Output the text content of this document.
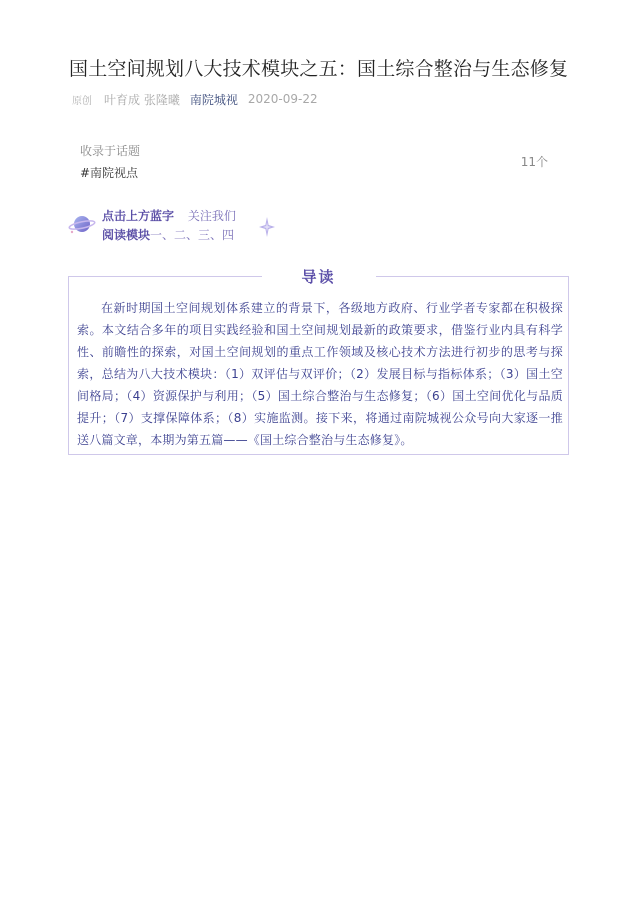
国土空间规划八大技术模块之五：国土综合整治与生态修复
原创 叶育成 张隆曦 南院城视 2020-09-22
收录于话题
#南院视点
11个
点击上方蓝字 关注我们
阅读模块一、二、三、四
导读
在新时期国土空间规划体系建立的背景下，各级地方政府、行业学者专家都在积极探索。本文结合多年的项目实践经验和国土空间规划最新的政策要求，借鉴行业内具有科学性、前瞻性的探索，对国土空间规划的重点工作领域及核心技术方法进行初步的思考与探索，总结为八大技术模块：（1）双评估与双评价；（2）发展目标与指标体系；（3）国土空间格局；（4）资源保护与利用；（5）国土综合整治与生态修复；（6）国土空间优化与品质提升；（7）支撑保障体系；（8）实施监测。接下来，将通过南院城视公众号向大家逐一推送八篇文章，本期为第五篇——《国土综合整治与生态修复》。
